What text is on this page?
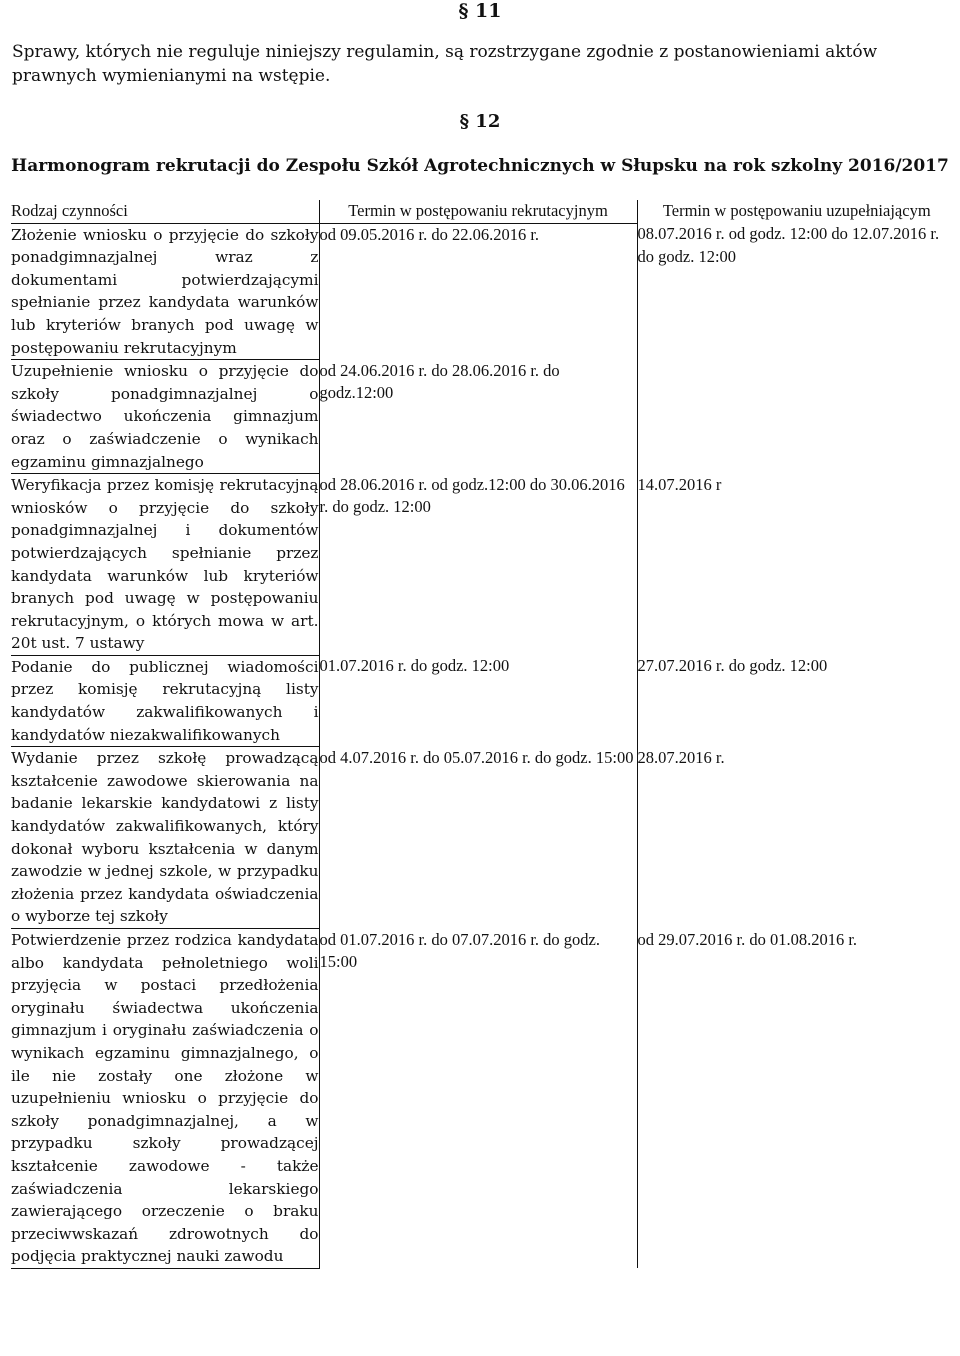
§ 11
Sprawy, których nie reguluje niniejszy regulamin, są rozstrzygane zgodnie z postanowieniami aktów prawnych wymienianymi na wstępie.
§ 12
Harmonogram rekrutacji do Zespołu Szkół Agrotechnicznych w Słupsku na rok szkolny 2016/2017
Rodzaj czynności	Termin w postępowaniu rekrutacyjnym	Termin w postępowaniu uzupełniającym
Złożenie wniosku o przyjęcie do szkoły ponadgimnazjalnej wraz z dokumentami potwierdzającymi spełnianie przez kandydata warunków lub kryteriów branych pod uwagę w postępowaniu rekrutacyjnym	od 09.05.2016 r. do 22.06.2016 r.	08.07.2016 r. od godz. 12:00 do 12.07.2016 r. do godz. 12:00
Uzupełnienie wniosku o przyjęcie do szkoły ponadgimnazjalnej o świadectwo ukończenia gimnazjum oraz o zaświadczenie o wynikach egzaminu gimnazjalnego	od 24.06.2016 r. do 28.06.2016 r. do godz.12:00	
Weryfikacja przez komisję rekrutacyjną wniosków o przyjęcie do szkoły ponadgimnazjalnej i dokumentów potwierdzających spełnianie przez kandydata warunków lub kryteriów branych pod uwagę w postępowaniu rekrutacyjnym, o których mowa w art. 20t ust. 7 ustawy	od 28.06.2016 r. od godz.12:00 do 30.06.2016 r. do godz. 12:00	14.07.2016 r
Podanie do publicznej wiadomości przez komisję rekrutacyjną listy kandydatów zakwalifikowanych i kandydatów niezakwalifikowanych	01.07.2016 r. do godz. 12:00	27.07.2016 r. do godz. 12:00
Wydanie przez szkołę prowadzącą kształcenie zawodowe skierowania na badanie lekarskie kandydatowi z listy kandydatów zakwalifikowanych, który dokonał wyboru kształcenia w danym zawodzie w jednej szkole, w przypadku złożenia przez kandydata oświadczenia o wyborze tej szkoły	od 4.07.2016 r. do 05.07.2016 r. do godz. 15:00	28.07.2016 r.
Potwierdzenie przez rodzica kandydata albo kandydata pełnoletniego woli przyjęcia w postaci przedłożenia oryginału świadectwa ukończenia gimnazjum i oryginału zaświadczenia o wynikach egzaminu gimnazjalnego, o ile nie zostały one złożone w uzupełnieniu wniosku o przyjęcie do szkoły ponadgimnazjalnej, a w przypadku szkoły prowadzącej kształcenie zawodowe - także zaświadczenia lekarskiego zawierającego orzeczenie o braku przeciwwskazań zdrowotnych do podjęcia praktycznej nauki zawodu	od 01.07.2016 r. do 07.07.2016 r. do godz. 15:00	od 29.07.2016 r. do 01.08.2016 r.
